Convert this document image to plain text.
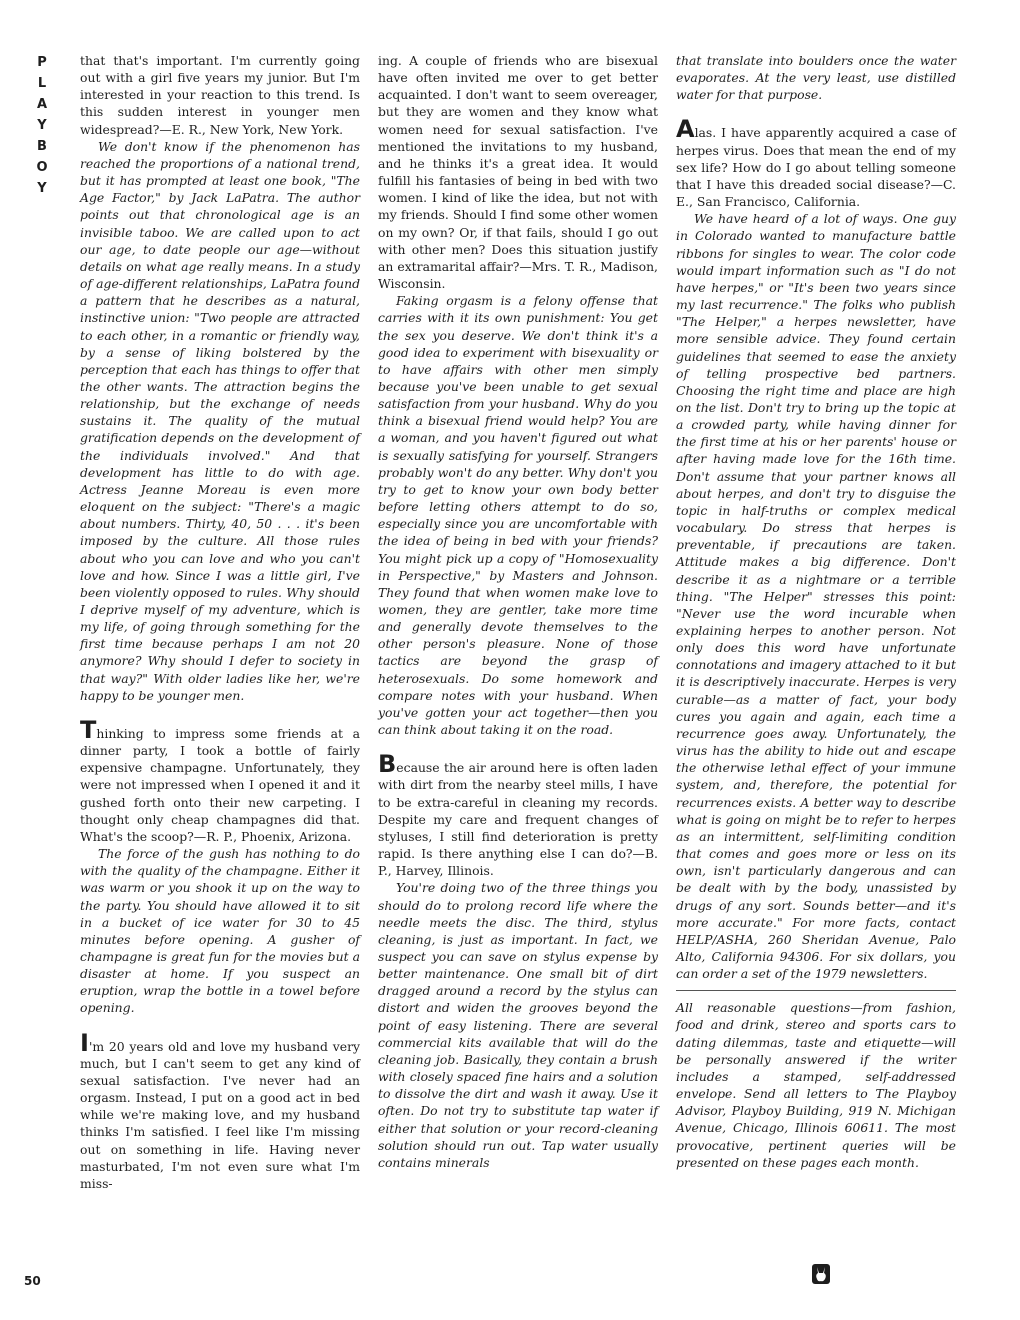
P
L
A
Y
B
O
Y

that that's important. I'm currently going out with a girl five years my junior. But I'm interested in your reaction to this trend. Is this sudden interest in younger men widespread?—E. R., New York, New York.

We don't know if the phenomenon has reached the proportions of a national trend, but it has prompted at least one book, "The Age Factor," by Jack LaPatra. The author points out that chronological age is an invisible taboo. We are called upon to act our age, to date people our age—without details on what age really means. In a study of age-different relationships, LaPatra found a pattern that he describes as a natural, instinctive union: "Two people are attracted to each other, in a romantic or friendly way, by a sense of liking bolstered by the perception that each has things to offer that the other wants. The attraction begins the relationship, but the exchange of needs sustains it. The quality of the mutual gratification depends on the development of the individuals involved." And that development has little to do with age. Actress Jeanne Moreau is even more eloquent on the subject: "There's a magic about numbers. Thirty, 40, 50 . . . it's been imposed by the culture. All those rules about who you can love and who you can't love and how. Since I was a little girl, I've been violently opposed to rules. Why should I deprive myself of my adventure, which is my life, of going through something for the first time because perhaps I am not 20 anymore? Why should I defer to society in that way?" With older ladies like her, we're happy to be younger men.

Thinking to impress some friends at a dinner party, I took a bottle of fairly expensive champagne. Unfortunately, they were not impressed when I opened it and it gushed forth onto their new carpeting. I thought only cheap champagnes did that. What's the scoop?—R. P., Phoenix, Arizona.

The force of the gush has nothing to do with the quality of the champagne. Either it was warm or you shook it up on the way to the party. You should have allowed it to sit in a bucket of ice water for 30 to 45 minutes before opening. A gusher of champagne is great fun for the movies but a disaster at home. If you suspect an eruption, wrap the bottle in a towel before opening.

I'm 20 years old and love my husband very much, but I can't seem to get any kind of sexual satisfaction. I've never had an orgasm. Instead, I put on a good act in bed while we're making love, and my husband thinks I'm satisfied. I feel like I'm missing out on something in life. Having never masturbated, I'm not even sure what I'm miss-

ing. A couple of friends who are bisexual have often invited me over to get better acquainted. I don't want to seem overeager, but they are women and they know what women need for sexual satisfaction. I've mentioned the invitations to my husband, and he thinks it's a great idea. It would fulfill his fantasies of being in bed with two women. I kind of like the idea, but not with my friends. Should I find some other women on my own? Or, if that fails, should I go out with other men? Does this situation justify an extramarital affair?—Mrs. T. R., Madison, Wisconsin.

Faking orgasm is a felony offense that carries with it its own punishment: You get the sex you deserve. We don't think it's a good idea to experiment with bisexuality or to have affairs with other men simply because you've been unable to get sexual satisfaction from your husband. Why do you think a bisexual friend would help? You are a woman, and you haven't figured out what is sexually satisfying for yourself. Strangers probably won't do any better. Why don't you try to get to know your own body better before letting others attempt to do so, especially since you are uncomfortable with the idea of being in bed with your friends? You might pick up a copy of "Homosexuality in Perspective," by Masters and Johnson. They found that when women make love to women, they are gentler, take more time and generally devote themselves to the other person's pleasure. None of those tactics are beyond the grasp of heterosexuals. Do some homework and compare notes with your husband. When you've gotten your act together—then you can think about taking it on the road.

Because the air around here is often laden with dirt from the nearby steel mills, I have to be extra-careful in cleaning my records. Despite my care and frequent changes of styluses, I still find deterioration is pretty rapid. Is there anything else I can do?—B. P., Harvey, Illinois.

You're doing two of the three things you should do to prolong record life where the needle meets the disc. The third, stylus cleaning, is just as important. In fact, we suspect you can save on stylus expense by better maintenance. One small bit of dirt dragged around a record by the stylus can distort and widen the grooves beyond the point of easy listening. There are several commercial kits available that will do the cleaning job. Basically, they contain a brush with closely spaced fine hairs and a solution to dissolve the dirt and wash it away. Use it often. Do not try to substitute tap water if either that solution or your record-cleaning solution should run out. Tap water usually contains minerals

that translate into boulders once the water evaporates. At the very least, use distilled water for that purpose.

Alas. I have apparently acquired a case of herpes virus. Does that mean the end of my sex life? How do I go about telling someone that I have this dreaded social disease?—C. E., San Francisco, California.

We have heard of a lot of ways. One guy in Colorado wanted to manufacture battle ribbons for singles to wear. The color code would impart information such as "I do not have herpes," or "It's been two years since my last recurrence." The folks who publish "The Helper," a herpes newsletter, have more sensible advice. They found certain guidelines that seemed to ease the anxiety of telling prospective bed partners. Choosing the right time and place are high on the list. Don't try to bring up the topic at a crowded party, while having dinner for the first time at his or her parents' house or after having made love for the 16th time. Don't assume that your partner knows all about herpes, and don't try to disguise the topic in half-truths or complex medical vocabulary. Do stress that herpes is preventable, if precautions are taken. Attitude makes a big difference. Don't describe it as a nightmare or a terrible thing. "The Helper" stresses this point: "Never use the word incurable when explaining herpes to another person. Not only does this word have unfortunate connotations and imagery attached to it but it is descriptively inaccurate. Herpes is very curable—as a matter of fact, your body cures you again and again, each time a recurrence goes away. Unfortunately, the virus has the ability to hide out and escape the otherwise lethal effect of your immune system, and, therefore, the potential for recurrences exists. A better way to describe what is going on might be to refer to herpes as an intermittent, self-limiting condition that comes and goes more or less on its own, isn't particularly dangerous and can be dealt with by the body, unassisted by drugs of any sort. Sounds better—and it's more accurate." For more facts, contact HELP/ASHA, 260 Sheridan Avenue, Palo Alto, California 94306. For six dollars, you can order a set of the 1979 newsletters.

All reasonable questions—from fashion, food and drink, stereo and sports cars to dating dilemmas, taste and etiquette—will be personally answered if the writer includes a stamped, self-addressed envelope. Send all letters to The Playboy Advisor, Playboy Building, 919 N. Michigan Avenue, Chicago, Illinois 60611. The most provocative, pertinent queries will be presented on these pages each month.

50
